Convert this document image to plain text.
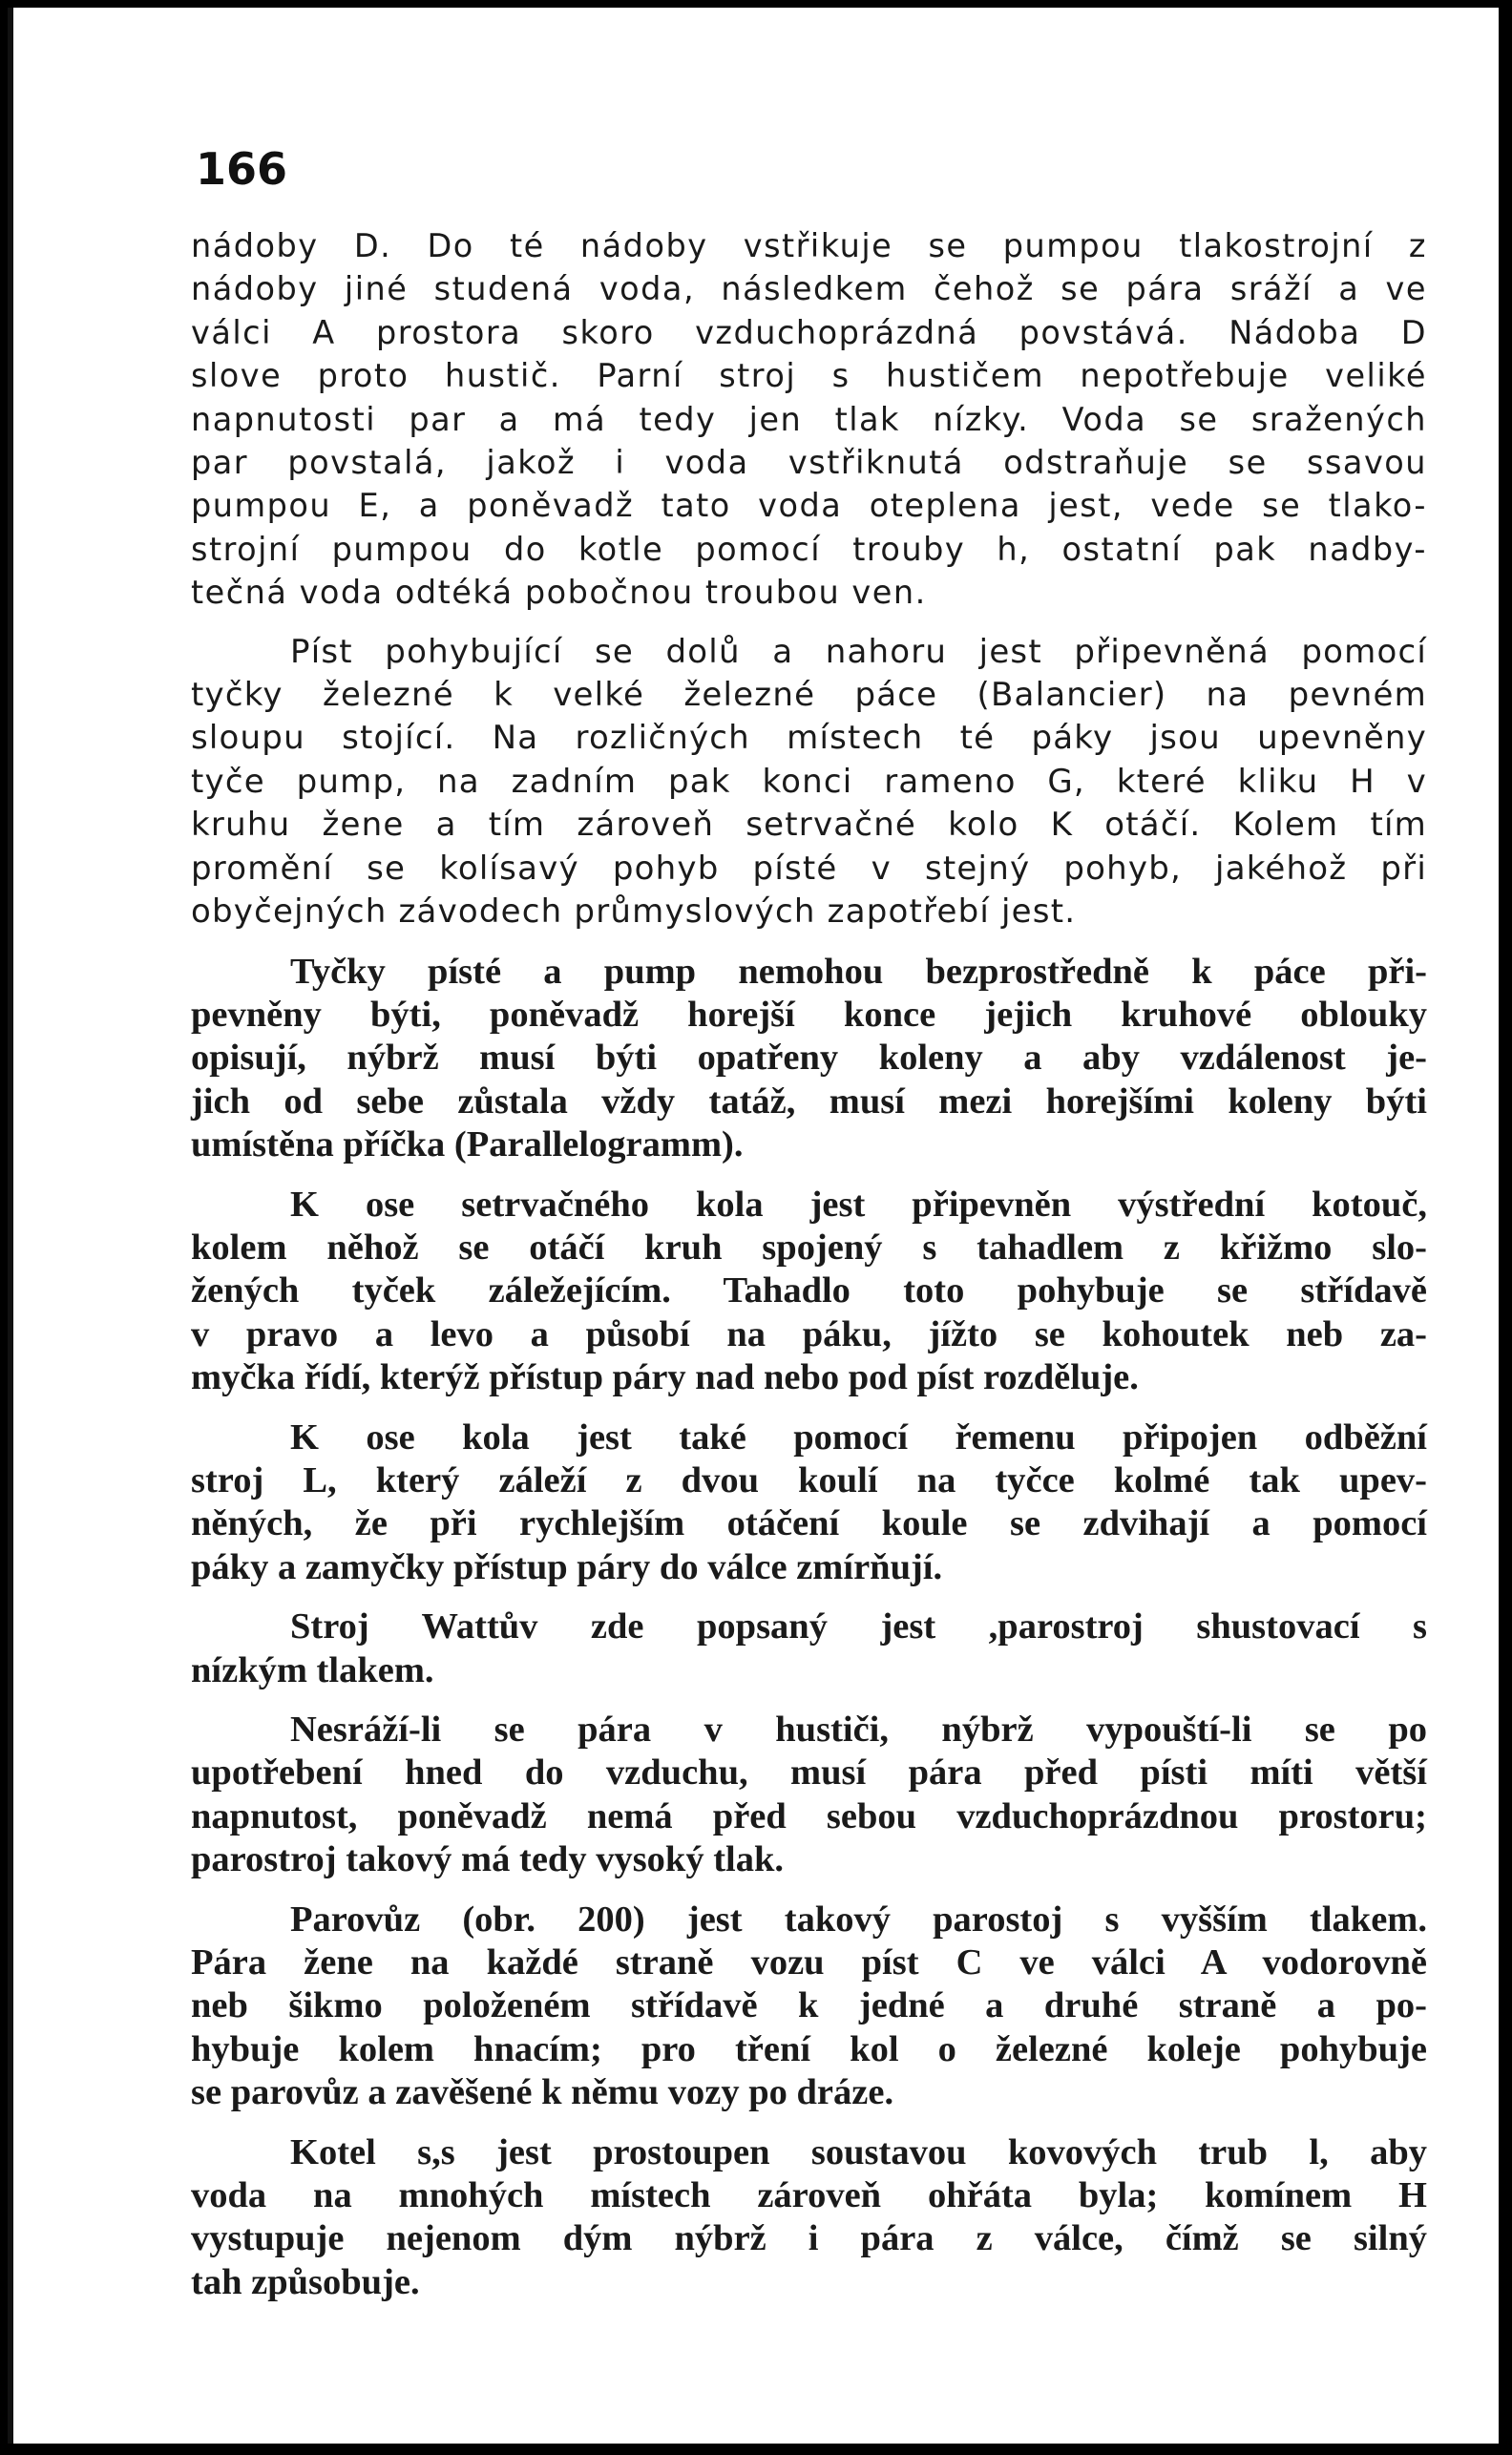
166
nádoby D. Do té nádoby vstřikuje se pumpou tlakostrojní z
nádoby jiné studená voda, následkem čehož se pára sráží a ve
válci A prostora skoro vzduchoprázdná povstává. Nádoba D
slove proto hustič. Parní stroj s hustičem nepotřebuje veliké
napnutosti par a má tedy jen tlak nízky. Voda se sražených
par povstalá, jakož i voda vstřiknutá odstraňuje se ssavou
pumpou E, a poněvadž tato voda oteplena jest, vede se tlako-
strojní pumpou do kotle pomocí trouby h, ostatní pak nadby-
tečná voda odtéká pobočnou troubou ven.
Píst pohybující se dolů a nahoru jest připevněná pomocí
tyčky železné k velké železné páce (Balancier) na pevném
sloupu stojící. Na rozličných místech té páky jsou upevněny
tyče pump, na zadním pak konci rameno G, které kliku H v
kruhu žene a tím zároveň setrvačné kolo K otáčí. Kolem tím
promění se kolísavý pohyb písté v stejný pohyb, jakéhož při
obyčejných závodech průmyslových zapotřebí jest.
Tyčky písté a pump nemohou bezprostředně k páce při-
pevněny býti, poněvadž horejší konce jejich kruhové oblouky
opisují, nýbrž musí býti opatřeny koleny a aby vzdálenost je-
jich od sebe zůstala vždy tatáž, musí mezi horejšími koleny býti
umístěna příčka (Parallelogramm).
K ose setrvačného kola jest připevněn výstřední kotouč,
kolem něhož se otáčí kruh spojený s tahadlem z křižmo slo-
žených tyček záležejícím. Tahadlo toto pohybuje se střídavě
v pravo a levo a působí na páku, jížto se kohoutek neb za-
myčka řídí, kterýž přístup páry nad nebo pod píst rozděluje.
K ose kola jest také pomocí řemenu připojen odběžní
stroj L, který záleží z dvou koulí na tyčce kolmé tak upev-
něných, že při rychlejším otáčení koule se zdvihají a pomocí
páky a zamyčky přístup páry do válce zmírňují.
Stroj Wattův zde popsaný jest ,parostroj shustovací s
nízkým tlakem.
Nesráží-li se pára v hustiči, nýbrž vypouští-li se po
upotřebení hned do vzduchu, musí pára před písti míti větší
napnutost, poněvadž nemá před sebou vzduchoprázdnou prostoru;
parostroj takový má tedy vysoký tlak.
Parovůz (obr. 200) jest takový parostoj s vyšším tlakem.
Pára žene na každé straně vozu píst C ve válci A vodorovně
neb šikmo položeném střídavě k jedné a druhé straně a po-
hybuje kolem hnacím; pro tření kol o železné koleje pohybuje
se parovůz a zavěšené k němu vozy po dráze.
Kotel s,s jest prostoupen soustavou kovových trub l, aby
voda na mnohých místech zároveň ohřáta byla; komínem H
vystupuje nejenom dým nýbrž i pára z válce, čímž se silný
tah způsobuje.
